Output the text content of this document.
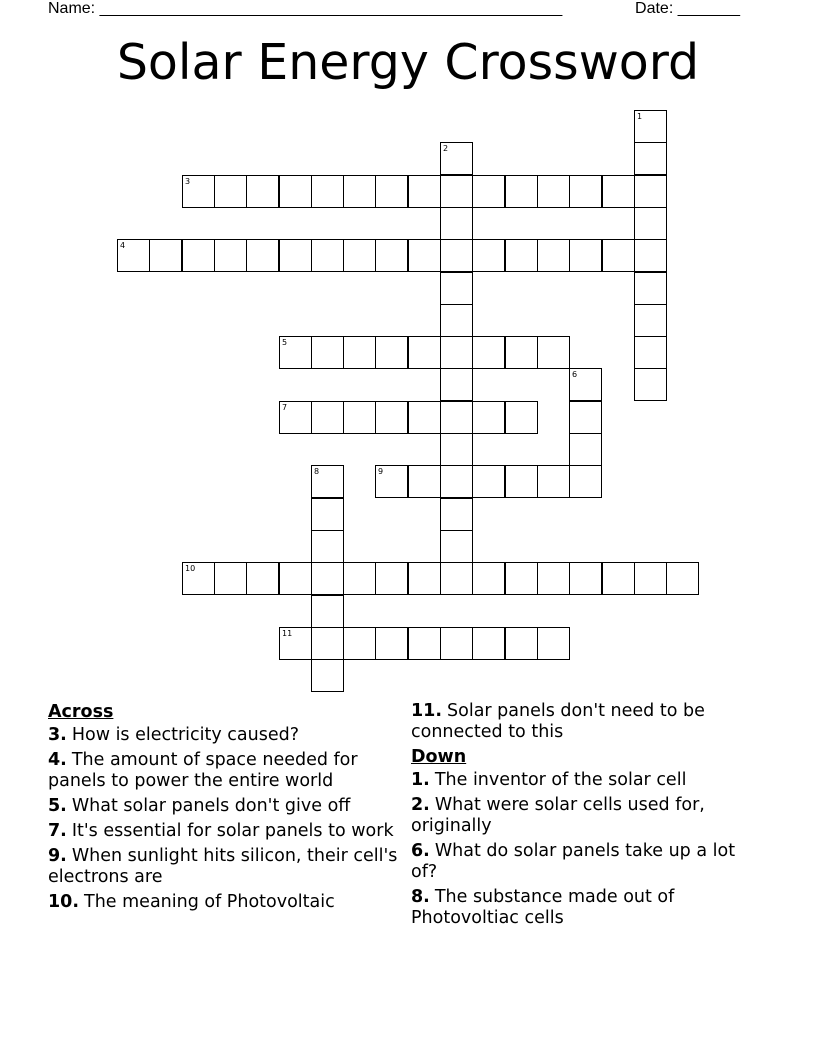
Name: ____________________________________________________	Date: _______
Solar Energy Crossword
1
2
3
4
5
6
7
8	9
10
11
Across
3. How is electricity caused?
4. The amount of space needed for panels to power the entire world
5. What solar panels don't give off
7. It's essential for solar panels to work
9. When sunlight hits silicon, their cell's electrons are
10. The meaning of Photovoltaic
11. Solar panels don't need to be connected to this
Down
1. The inventor of the solar cell
2. What were solar cells used for, originally
6. What do solar panels take up a lot of?
8. The substance made out of Photovoltiac cells
